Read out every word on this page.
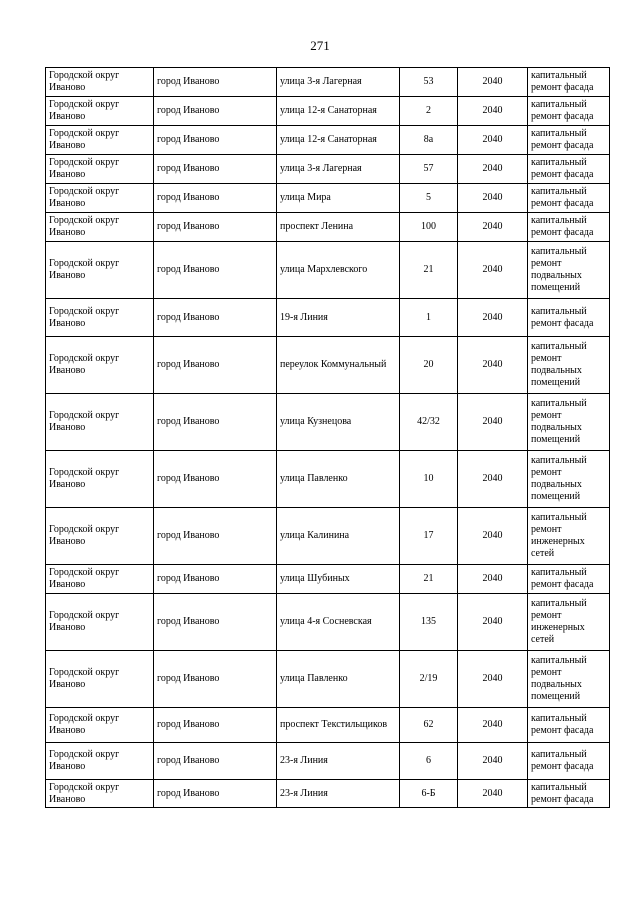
271
Городской округ Иваново	город Иваново	улица 3-я Лагерная	53	2040	капитальный ремонт фасада
Городской округ Иваново	город Иваново	улица 12-я Санаторная	2	2040	капитальный ремонт фасада
Городской округ Иваново	город Иваново	улица 12-я Санаторная	8а	2040	капитальный ремонт фасада
Городской округ Иваново	город Иваново	улица 3-я Лагерная	57	2040	капитальный ремонт фасада
Городской округ Иваново	город Иваново	улица Мира	5	2040	капитальный ремонт фасада
Городской округ Иваново	город Иваново	проспект Ленина	100	2040	капитальный ремонт фасада
Городской округ Иваново	город Иваново	улица Мархлевского	21	2040	капитальный ремонт подвальных помещений
Городской округ Иваново	город Иваново	19-я Линия	1	2040	капитальный ремонт фасада
Городской округ Иваново	город Иваново	переулок Коммунальный	20	2040	капитальный ремонт подвальных помещений
Городской округ Иваново	город Иваново	улица Кузнецова	42/32	2040	капитальный ремонт подвальных помещений
Городской округ Иваново	город Иваново	улица Павленко	10	2040	капитальный ремонт подвальных помещений
Городской округ Иваново	город Иваново	улица Калинина	17	2040	капитальный ремонт инженерных сетей
Городской округ Иваново	город Иваново	улица Шубиных	21	2040	капитальный ремонт фасада
Городской округ Иваново	город Иваново	улица 4-я Сосневская	135	2040	капитальный ремонт инженерных сетей
Городской округ Иваново	город Иваново	улица Павленко	2/19	2040	капитальный ремонт подвальных помещений
Городской округ Иваново	город Иваново	проспект Текстильщиков	62	2040	капитальный ремонт фасада
Городской округ Иваново	город Иваново	23-я Линия	6	2040	капитальный ремонт фасада
Городской округ Иваново	город Иваново	23-я Линия	6-Б	2040	капитальный ремонт фасада
